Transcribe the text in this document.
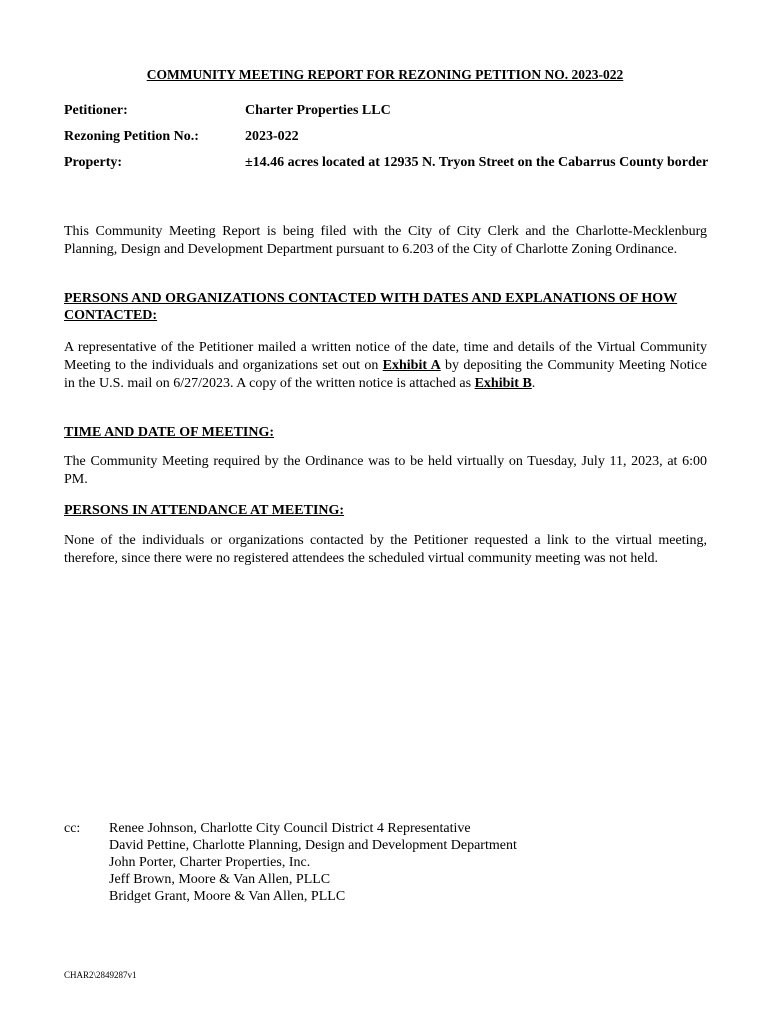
COMMUNITY MEETING REPORT FOR REZONING PETITION NO. 2023-022
Petitioner:	Charter Properties LLC
Rezoning Petition No.:	2023-022
Property:	±14.46 acres located at 12935 N. Tryon Street on the Cabarrus County border
This Community Meeting Report is being filed with the City of City Clerk and the Charlotte-Mecklenburg Planning, Design and Development Department pursuant to 6.203 of the City of Charlotte Zoning Ordinance.
PERSONS AND ORGANIZATIONS CONTACTED WITH DATES AND EXPLANATIONS OF HOW CONTACTED:
A representative of the Petitioner mailed a written notice of the date, time and details of the Virtual Community Meeting to the individuals and organizations set out on Exhibit A by depositing the Community Meeting Notice in the U.S. mail on 6/27/2023. A copy of the written notice is attached as Exhibit B.
TIME AND DATE OF MEETING:
The Community Meeting required by the Ordinance was to be held virtually on Tuesday, July 11, 2023, at 6:00 PM.
PERSONS IN ATTENDANCE AT MEETING:
None of the individuals or organizations contacted by the Petitioner requested a link to the virtual meeting, therefore, since there were no registered attendees the scheduled virtual community meeting was not held.
cc: Renee Johnson, Charlotte City Council District 4 Representative
David Pettine, Charlotte Planning, Design and Development Department
John Porter, Charter Properties, Inc.
Jeff Brown, Moore & Van Allen, PLLC
Bridget Grant, Moore & Van Allen, PLLC
CHAR2\2849287v1
